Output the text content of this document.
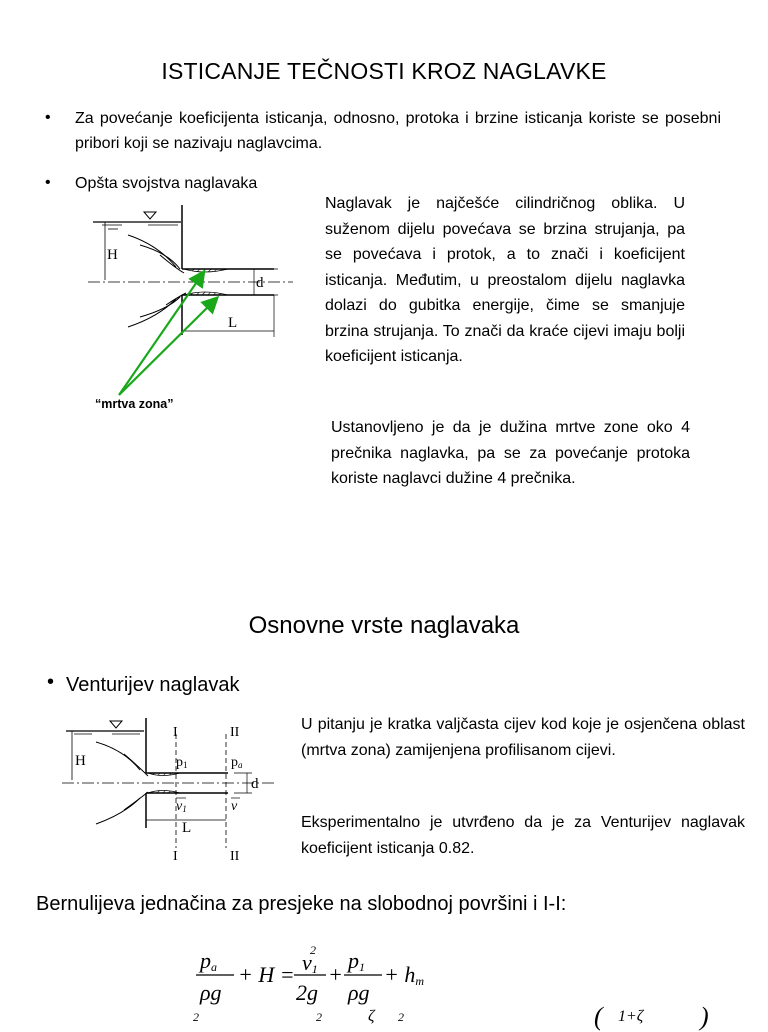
ISTICANJE TEČNOSTI KROZ NAGLAVKE
• Za povećanje koeficijenta isticanja, odnosno, protoka i brzine isticanja koriste se posebni pribori koji se nazivaju naglavcima.
• Opšta svojstva naglavaka
H
d
L
“mrtva zona”
Naglavak je najčešće cilindričnog oblika. U suženom dijelu povećava se brzina strujanja, pa se povećava i protok, a to znači i koeficijent isticanja. Međutim, u preostalom dijelu naglavka dolazi do gubitka energije, čime se smanjuje brzina strujanja. To znači da kraće cijevi imaju bolji koeficijent isticanja.
Ustanovljeno je da je dužina mrtve zone oko 4 prečnika naglavka, pa se za povećanje protoka koriste naglavci dužine 4 prečnika.
Osnovne vrste naglavaka
• Venturijev naglavak
H
I	II
I	II
p1	pa
v1	v
d
L
U pitanju je kratka valjčasta cijev kod koje je osjenčena oblast (mrtva zona) zamijenjena profilisanom cijevi.
Eksperimentalno je utvrđeno da je za Venturijev naglavak koeficijent isticanja 0.82.
Bernulijeva jednačina za presjeke na slobodnoj površini i I-I:
pa
ρg
+ H = v1
2
2g
+
p1
ρg
+ hm
2	2	ζ 2	( 1+ζ )
